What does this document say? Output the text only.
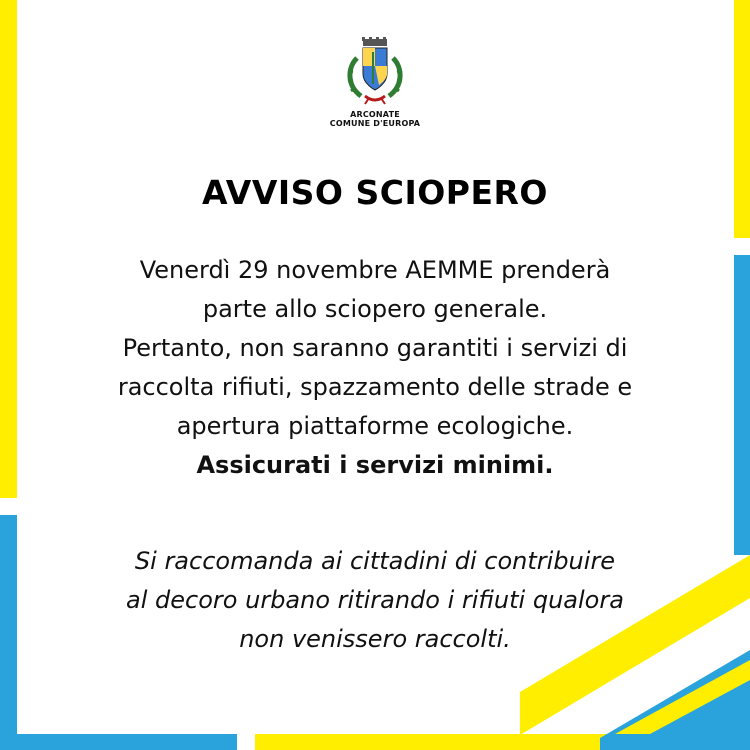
ARCONATE
COMUNE D'EUROPA
AVVISO SCIOPERO
Venerdì 29 novembre AEMME prenderà
parte allo sciopero generale.
Pertanto, non saranno garantiti i servizi di
raccolta rifiuti, spazzamento delle strade e
apertura piattaforme ecologiche.
Assicurati i servizi minimi.
Si raccomanda ai cittadini di contribuire
al decoro urbano ritirando i rifiuti qualora
non venissero raccolti.
